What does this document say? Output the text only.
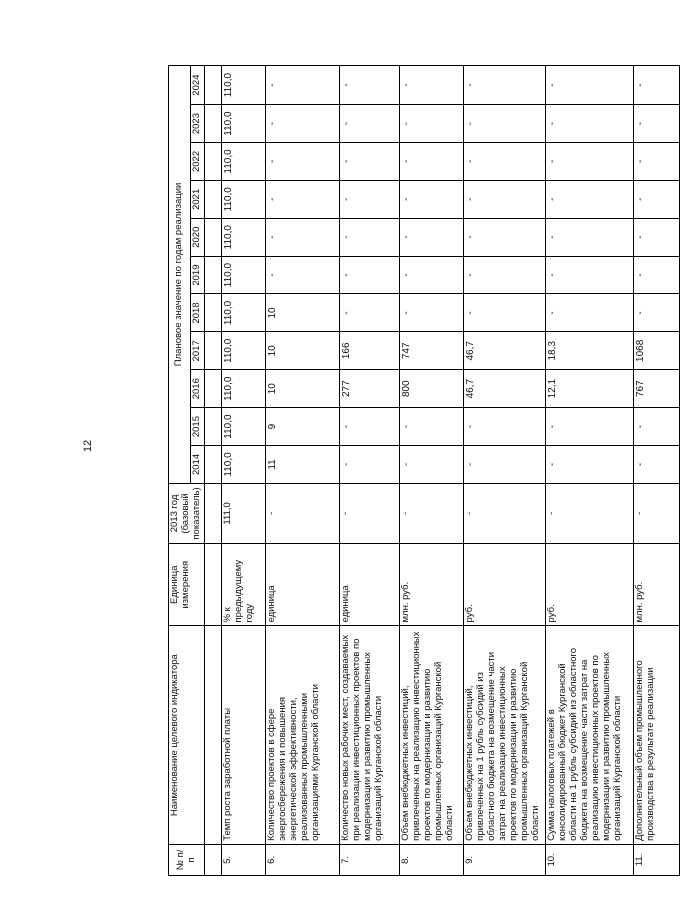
12
№ п/п	Наименование целевого индикатора	Единица измерения	2013 год (базовый показатель)	Плановое значение по годам реализации										
				2014	2015	2016	2017	2018	2019	2020	2021	2022	2023	2024

5.	Темп роста заработной платы	% к предыдущему году	111,0	110,0	110,0	110,0	110,0	110,0	110,0	110,0	110,0	110,0	110,0	110,0
6.	Количество проектов в сфере энергосбережения и повышения энергетической эффективности, реализованных промышленными организациями Курганской области	единица	-	11	9	10	10	10	-	-	-	-	-	-
7.	Количество новых рабочих мест, создаваемых при реализации инвестиционных проектов по модернизации и развитию промышленных организаций Курганской области	единица	-	-	-	277	166	-	-	-	-	-	-	-
8.	Объем внебюджетных инвестиций, привлеченных на реализацию инвестиционных проектов по модернизации и развитию промышленных организаций Курганской области	млн. руб.	-	-	-	800	747	-	-	-	-	-	-	-
9.	Объем внебюджетных инвестиций, привлеченных на 1 рубль субсидий из областного бюджета на возмещение части затрат на реализацию инвестиционных проектов по модернизации и развитию промышленных организаций Курганской области	руб.	-	-	-	46,7	46,7	-	-	-	-	-	-	-
10.	Сумма налоговых платежей в консолидированный бюджет Курганской области на 1 рубль субсидий из областного бюджета на возмещение части затрат на реализацию инвестиционных проектов по модернизации и развитию промышленных организаций Курганской области	руб.	-	-	-	12,1	18,3	-	-	-	-	-	-	-
11.	Дополнительный объем промышленного производства в результате реализации	млн. руб.	-	-	-	767	1068	-	-	-	-	-	-	-
